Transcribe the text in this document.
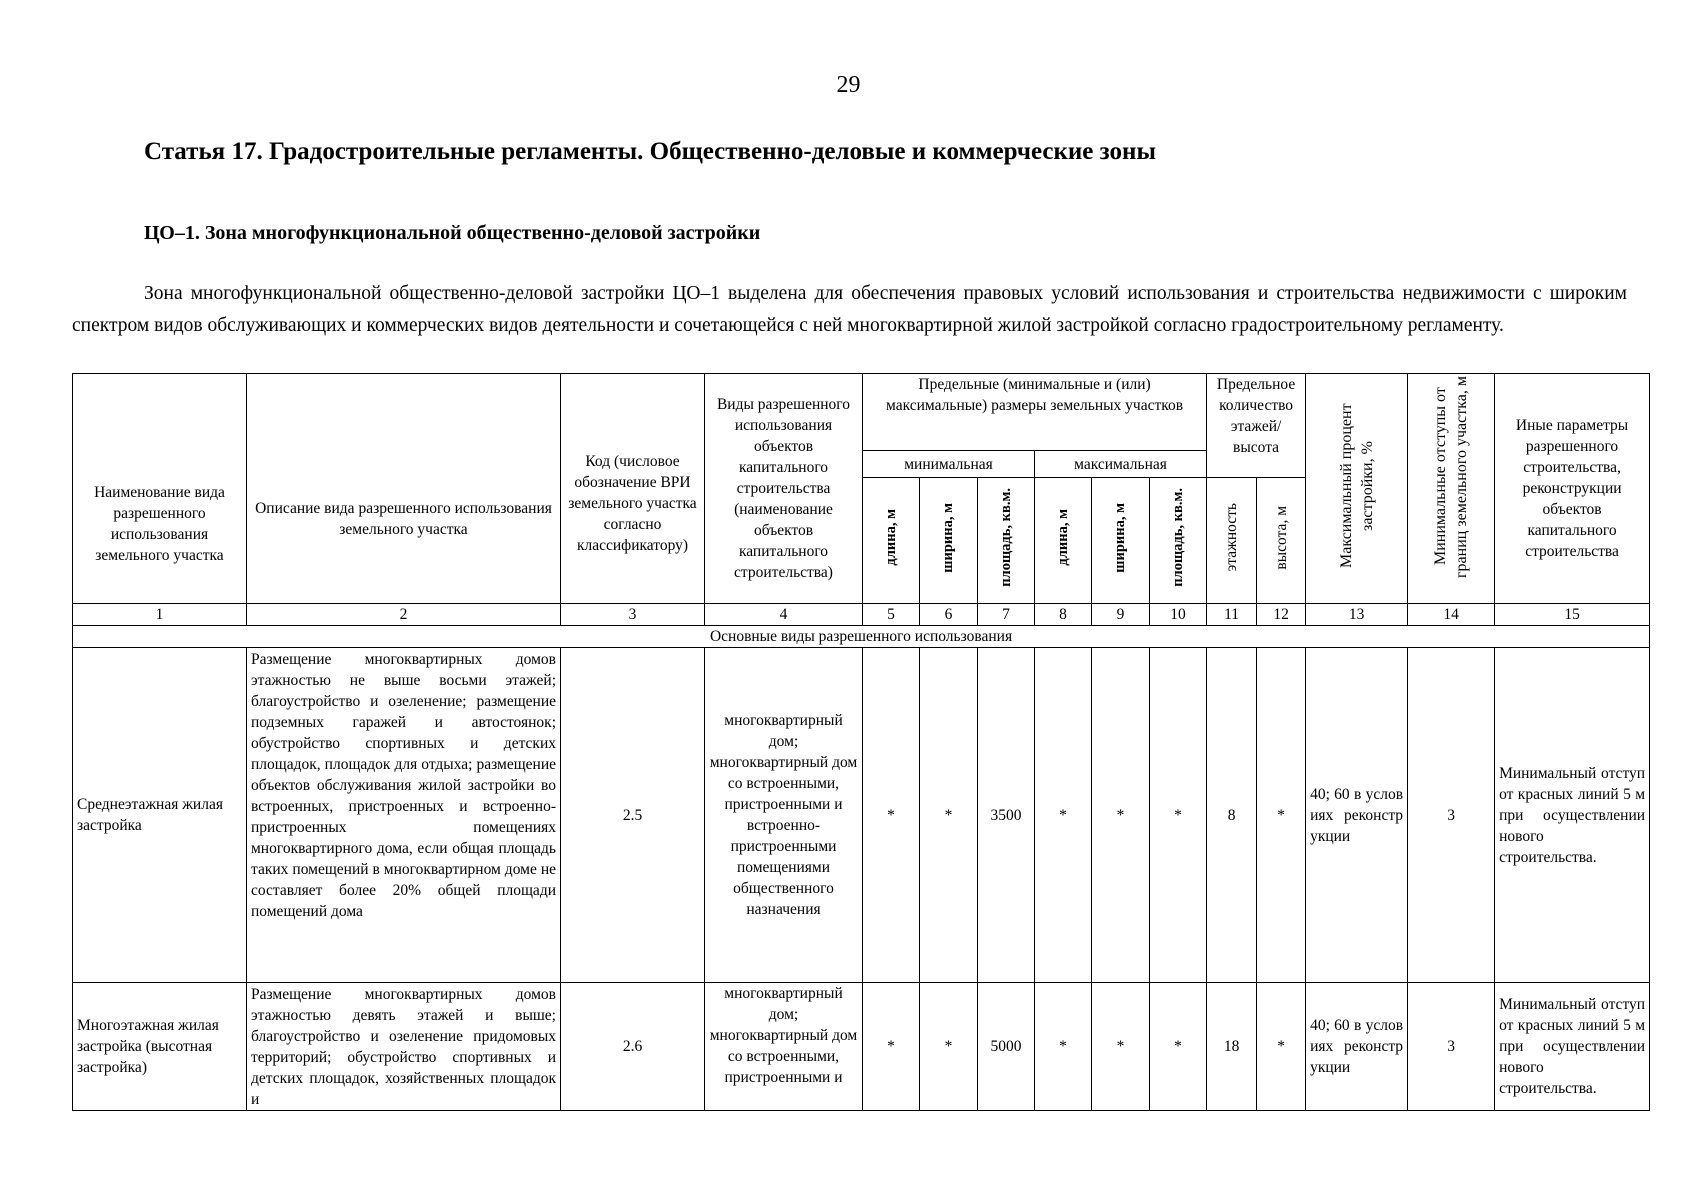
29
Статья 17. Градостроительные регламенты. Общественно-деловые и коммерческие зоны
ЦО–1. Зона многофункциональной общественно-деловой застройки

Зона многофункциональной общественно-деловой застройки ЦО–1 выделена для обеспечения правовых условий использования и строительства недвижимости с широким спектром видов обслуживающих и коммерческих видов деятельности и сочетающейся с ней многоквартирной жилой застройкой согласно градостроительному регламенту.

Наименование вида разрешенного использования земельного участка	Описание вида разрешенного использования земельного участка	Код (числовое обозначение ВРИ земельного участка согласно классификатору)	Виды разрешенного использования объектов капитального строительства (наименование объектов капитального строительства)	Предельные (минимальные и (или) максимальные) размеры земельных участков						Предельное количество этажей/ высота		Максимальный процент застройки, %	Минимальные отступы от границ земельного участка, м	Иные параметры разрешенного строительства, реконструкции объектов капитального строительства
				минимальная			максимальная							
				длина, м	ширина, м	площадь, кв.м.	длина, м	ширина, м	площадь, кв.м.	этажность	высота, м			
1	2	3	4	5	6	7	8	9	10	11	12	13	14	15
Основные виды разрешенного использования														
Среднеэтажная жилая застройка	Размещение многоквартирных домов этажностью не выше восьми этажей; благоустройство и озеленение; размещение подземных гаражей и автостоянок; обустройство спортивных и детских площадок, площадок для отдыха; размещение объектов обслуживания жилой застройки во встроенных, пристроенных и встроенно-пристроенных помещениях многоквартирного дома, если общая площадь таких помещений в многоквартирном доме не составляет более 20% общей площади помещений дома	2.5	многоквартирный дом; многоквартирный дом со встроенными, пристроенными и встроенно-пристроенными помещениями общественного назначения	*	*	3500	*	*	*	8	*	40; 60 в условиях реконструкции	3	Минимальный отступ от красных линий 5 м при осуществлении нового строительства.
Многоэтажная жилая застройка (высотная застройка)	Размещение многоквартирных домов этажностью девять этажей и выше; благоустройство и озеленение придомовых территорий; обустройство спортивных и детских площадок, хозяйственных площадок и	2.6	многоквартирный дом; многоквартирный дом со встроенными, пристроенными и	*	*	5000	*	*	*	18	*	40; 60 в условиях реконструкции	3	Минимальный отступ от красных линий 5 м при осуществлении нового строительства.
